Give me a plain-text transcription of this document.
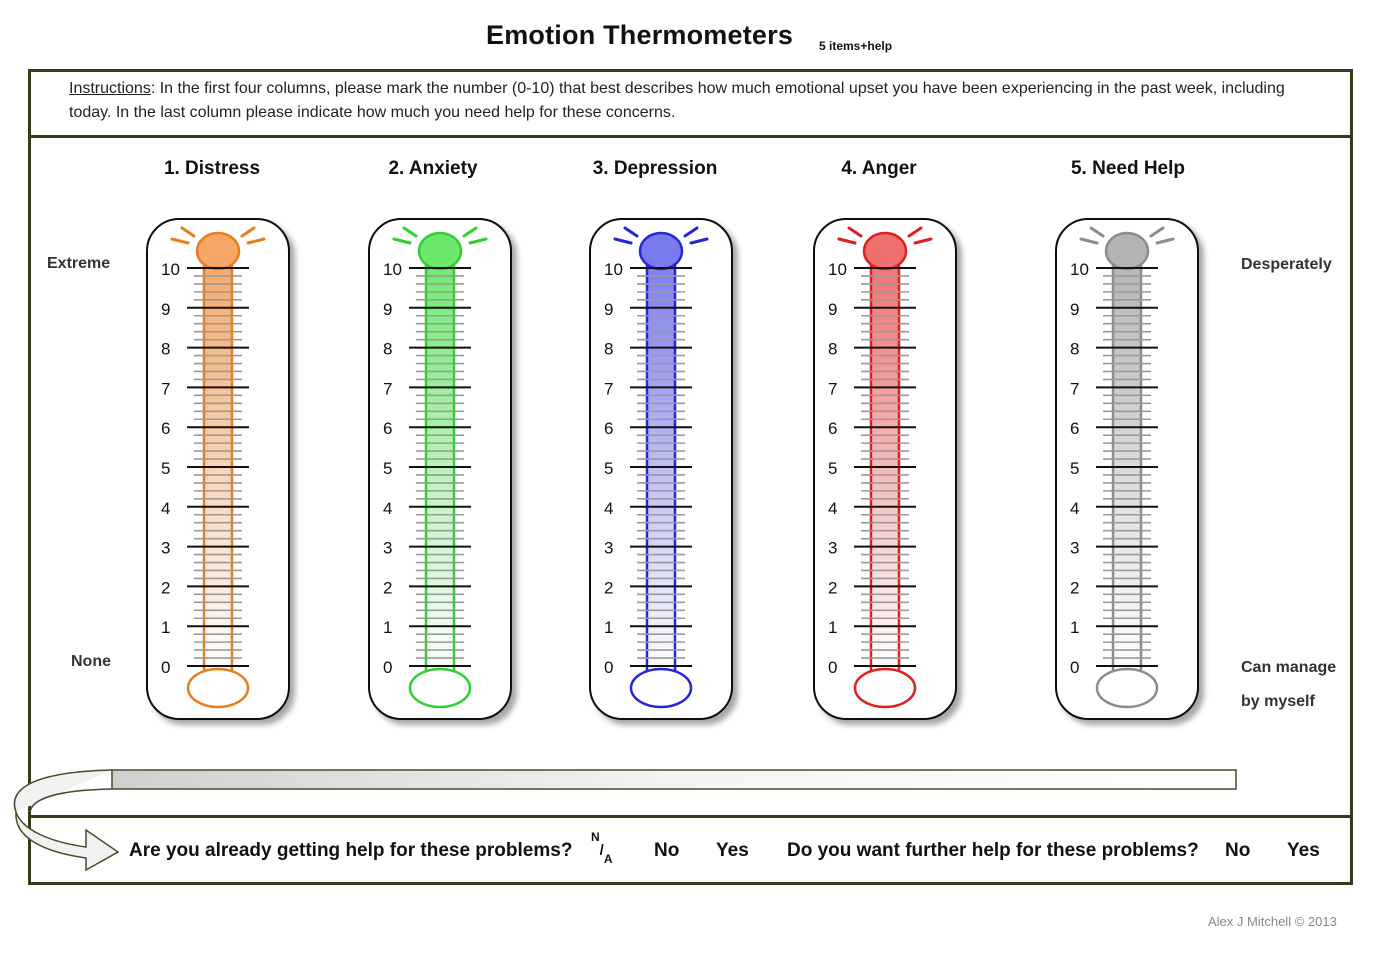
Emotion Thermometers 5 items+help
Instructions: In the first four columns, please mark the number (0-10) that best describes how much emotional upset you have been experiencing in the past week, including today. In the last column please indicate how much you need help for these concerns.
1. Distress	2. Anxiety	3. Depression	4. Anger	5. Need Help
Extreme
None
Desperately
Can manage
by myself
0
1
2
3
4
5
6
7
8
9
10
0
1
2
3
4
5
6
7
8
9
10
0
1
2
3
4
5
6
7
8
9
10
0
1
2
3
4
5
6
7
8
9
10
0
1
2
3
4
5
6
7
8
9
10
Are you already getting help for these problems?
$^N/_A$ No Yes Do you want further help for these problems? No Yes
Alex J Mitchell © 2013
